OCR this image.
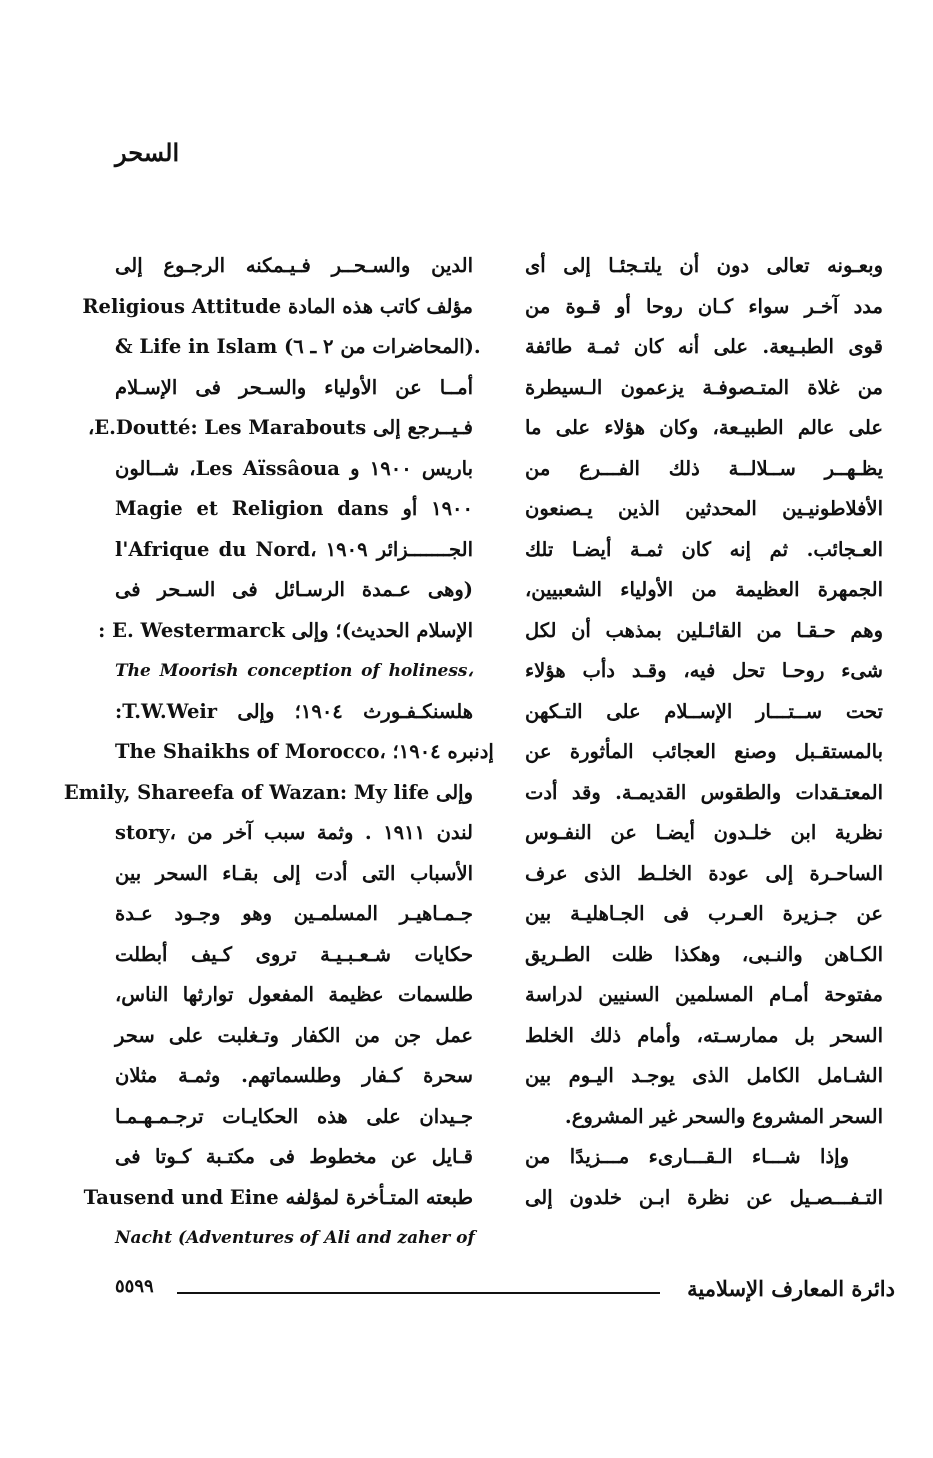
السحر
وبعـونه تعالى دون أن يلتـجئـا إلى أى
مدد آخـر سواء كـان روحا أو قـوة من
قوى الطبـيعة. على أنه كان ثمـة طائفة
من غلاة المتـصوفـة يزعمون الـسيطرة
على عالم الطبيـعة، وكان هؤلاء على ما
يظـهــر ســلالــة ذلك الفـــرع من
الأفلاطونيـين المحدثين الذين يـصنعون
العـجائب. ثم إنه كان ثمـة أيضـا تلك
الجمهرة العظيمة من الأولياء الشعبيين،
وهم حـقـا من القائـلين بمذهب أن لكل
شىء روحـا تحل فيه، وقـد دأب هؤلاء
تحت ســتـــار الإســلام على التـكهن
بالمستقـبل وصنع العجائب المأثورة عن
المعتـقدات والطقوس القديمـة. وقد أدت
نظرية ابن خلـدون أيضـا عن النفـوس
الساحـرة إلى عودة الخلـط الذى عرف
عن جـزيرة العـرب فى الجـاهليـة بين
الكـاهن والنـبى، وهكذا ظلت الطـريق
مفتوحة أمـام المسلمين السنيين لدراسة
السحر بل ممارسـته، وأمام ذلك الخلط
الشـامل الكامل الذى يوجـد اليـوم بين
السحر المشروع والسحر غير المشروع.
وإذا شـــاء الـقـــارىء مـــزيدًا من
التـفـــصـيل عن نظرة ابـن خلدون إلى
الدين والسـحــر فـيـمكنه الرجـوع إلى
مؤلف كاتب هذه المادة Religious Attitude
& Life in Islam (المحاضرات من ٢ ـ ٦).
أمــا عن الأولياء والسـحر فى الإسـلام
فـيــرجع إلى E.Doutté: Les Marabouts،
باريس ١٩٠٠ و Les Aïssâoua، شــالون
١٩٠٠ أو Magie et Religion dans
l'Afrique du Nord، الجـــــــزائر ١٩٠٩
(وهى عـمدة الرسـائل فى السـحر فى
الإسلام الحديث)؛ وإلى E. Westermarck :
The Moorish conception of holiness،
هلسنكـفـورث ١٩٠٤؛ وإلى T.W.Weir:
The Shaikhs of Morocco، إدنبره ١٩٠٤؛
وإلى Emily, Shareefa of Wazan: My life
story، لندن ١٩١١ . وثمة سبب آخر من
الأسباب التى أدت إلى بقـاء السحر بين
جـمـاهيـر المسلمـين وهو وجـود عـدة
حكايات شـعـبـيـة تروى كـيف أبطلت
طلسمات عظيمة المفعول توارثها الناس،
عمل جن من الكفار وتـغلبت على سحر
سحرة كـفار وطلسماتهم. وثمـة مثلان
جـيدان على هذه الحكايـات ترجـمـهـمـا
قـايل عن مخطوط فى مكتـبة كـوتا فى
طبعته المتـأخرة لمؤلفه Tausend und Eine
Nacht (Adventures of Ali and zaher of
دائرة المعارف الإسلامية
٥٥٩٩
